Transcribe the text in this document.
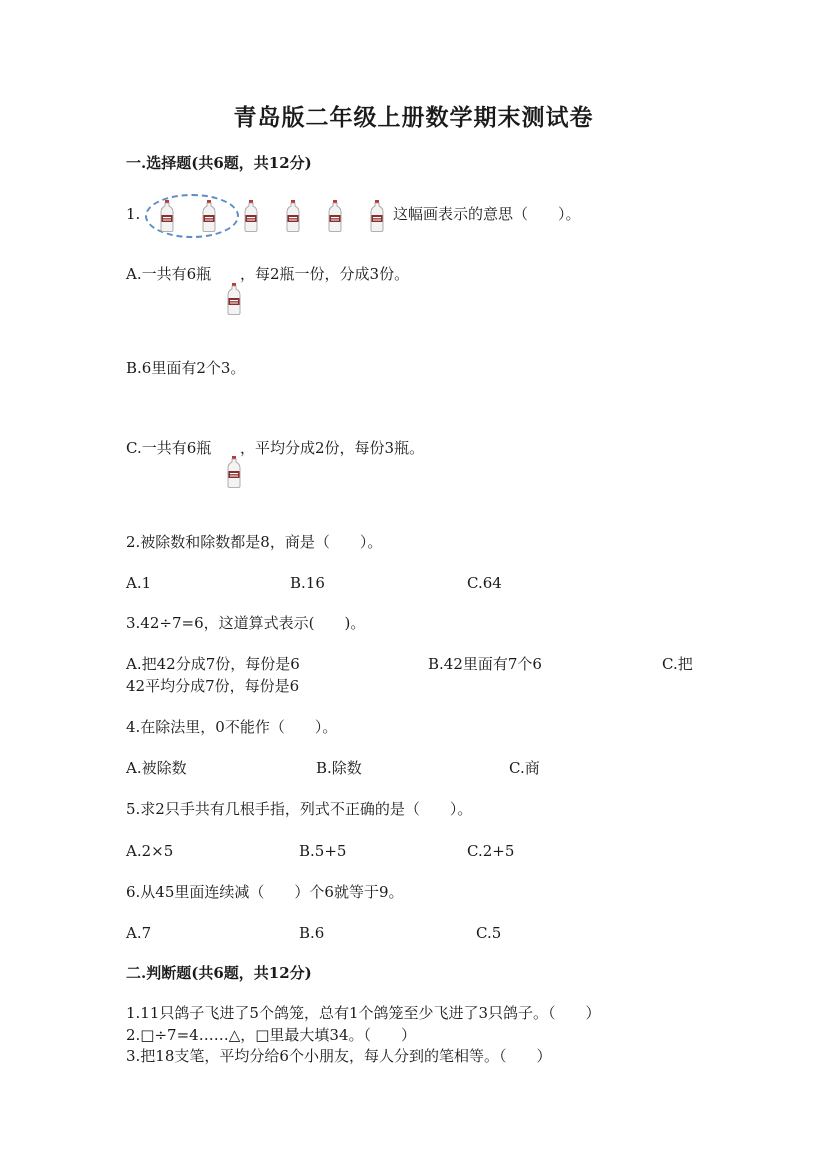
青岛版二年级上册数学期末测试卷
一.选择题(共6题，共12分)
1.	这幅画表示的意思（　　）。
A.一共有6瓶 ，每2瓶一份，分成3份。
B.6里面有2个3。
C.一共有6瓶 ，平均分成2份，每份3瓶。
2.被除数和除数都是8，商是（　　）。
A.1	B.16	C.64
3.42÷7=6，这道算式表示(　　)。
A.把42分成7份，每份是6	B.42里面有7个6	C.把
42平均分成7份，每份是6
4.在除法里，0不能作（　　）。
A.被除数	B.除数	C.商
5.求2只手共有几根手指，列式不正确的是（　　）。
A.2×5	B.5+5	C.2+5
6.从45里面连续减（　　）个6就等于9。
A.7	B.6	C.5
二.判断题(共6题，共12分)
1.11只鸽子飞进了5个鸽笼，总有1个鸽笼至少飞进了3只鸽子。（　　）
2.□÷7=4……△，□里最大填34。（　　）
3.把18支笔，平均分给6个小朋友，每人分到的笔相等。（　　）
